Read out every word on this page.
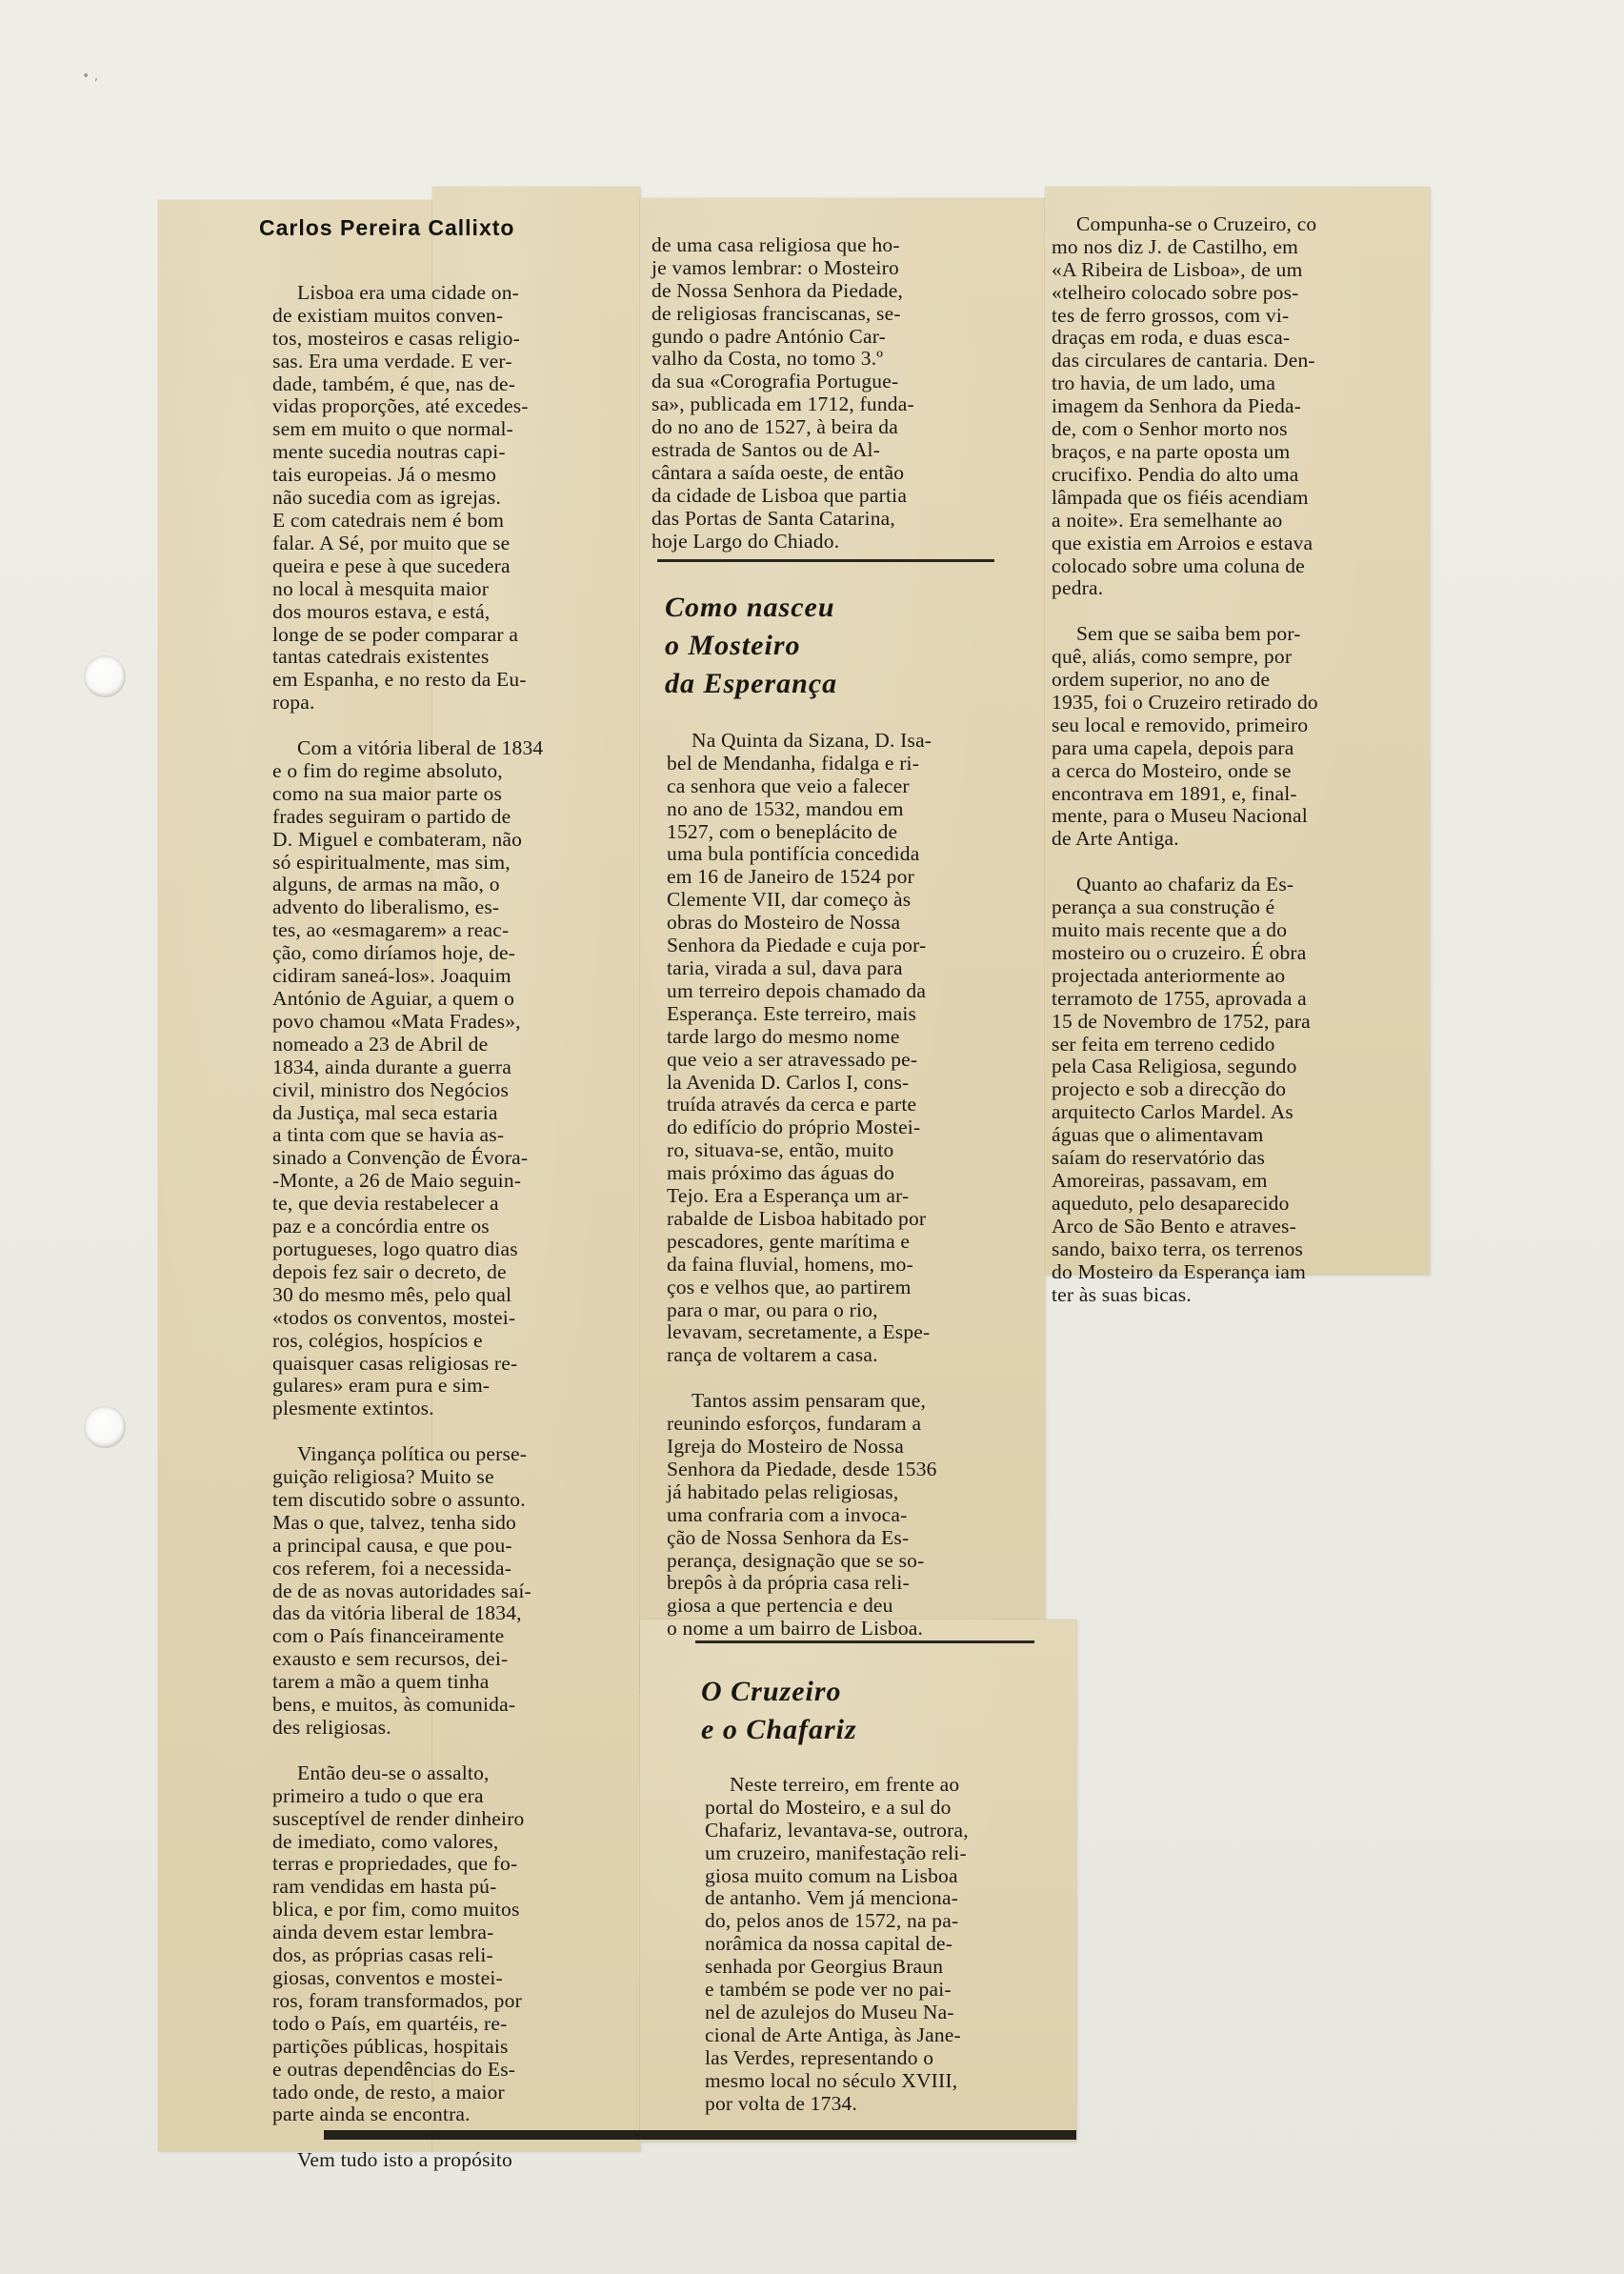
• ,
Carlos Pereira Callixto

Lisboa era uma cidade on-
de existiam muitos conven-
tos, mosteiros e casas religio-
sas. Era uma verdade. E ver-
dade, também, é que, nas de-
vidas proporções, até excedes-
sem em muito o que normal-
mente sucedia noutras capi-
tais europeias. Já o mesmo
não sucedia com as igrejas.
E com catedrais nem é bom
falar. A Sé, por muito que se
queira e pese à que sucedera
no local à mesquita maior
dos mouros estava, e está,
longe de se poder comparar a
tantas catedrais existentes
em Espanha, e no resto da Eu-
ropa.

Com a vitória liberal de 1834
e o fim do regime absoluto,
como na sua maior parte os
frades seguiram o partido de
D. Miguel e combateram, não
só espiritualmente, mas sim,
alguns, de armas na mão, o
advento do liberalismo, es-
tes, ao «esmagarem» a reac-
ção, como diríamos hoje, de-
cidiram saneá-los». Joaquim
António de Aguiar, a quem o
povo chamou «Mata Frades»,
nomeado a 23 de Abril de
1834, ainda durante a guerra
civil, ministro dos Negócios
da Justiça, mal seca estaria
a tinta com que se havia as-
sinado a Convenção de Évora-
-Monte, a 26 de Maio seguin-
te, que devia restabelecer a
paz e a concórdia entre os
portugueses, logo quatro dias
depois fez sair o decreto, de
30 do mesmo mês, pelo qual
«todos os conventos, mostei-
ros, colégios, hospícios e
quaisquer casas religiosas re-
gulares» eram pura e sim-
plesmente extintos.

Vingança política ou perse-
guição religiosa? Muito se
tem discutido sobre o assunto.
Mas o que, talvez, tenha sido
a principal causa, e que pou-
cos referem, foi a necessida-
de de as novas autoridades saí-
das da vitória liberal de 1834,
com o País financeiramente
exausto e sem recursos, dei-
tarem a mão a quem tinha
bens, e muitos, às comunida-
des religiosas.

Então deu-se o assalto,
primeiro a tudo o que era
susceptível de render dinheiro
de imediato, como valores,
terras e propriedades, que fo-
ram vendidas em hasta pú-
blica, e por fim, como muitos
ainda devem estar lembra-
dos, as próprias casas reli-
giosas, conventos e mostei-
ros, foram transformados, por
todo o País, em quartéis, re-
partições públicas, hospitais
e outras dependências do Es-
tado onde, de resto, a maior
parte ainda se encontra.

Vem tudo isto a propósito

de uma casa religiosa que ho-
je vamos lembrar: o Mosteiro
de Nossa Senhora da Piedade,
de religiosas franciscanas, se-
gundo o padre António Car-
valho da Costa, no tomo 3.º
da sua «Corografia Portugue-
sa», publicada em 1712, funda-
do no ano de 1527, à beira da
estrada de Santos ou de Al-
cântara a saída oeste, de então
da cidade de Lisboa que partia
das Portas de Santa Catarina,
hoje Largo do Chiado.

Como nasceu
o Mosteiro
da Esperança

Na Quinta da Sizana, D. Isa-
bel de Mendanha, fidalga e ri-
ca senhora que veio a falecer
no ano de 1532, mandou em
1527, com o beneplácito de
uma bula pontifícia concedida
em 16 de Janeiro de 1524 por
Clemente VII, dar começo às
obras do Mosteiro de Nossa
Senhora da Piedade e cuja por-
taria, virada a sul, dava para
um terreiro depois chamado da
Esperança. Este terreiro, mais
tarde largo do mesmo nome
que veio a ser atravessado pe-
la Avenida D. Carlos I, cons-
truída através da cerca e parte
do edifício do próprio Mostei-
ro, situava-se, então, muito
mais próximo das águas do
Tejo. Era a Esperança um ar-
rabalde de Lisboa habitado por
pescadores, gente marítima e
da faina fluvial, homens, mo-
ços e velhos que, ao partirem
para o mar, ou para o rio,
levavam, secretamente, a Espe-
rança de voltarem a casa.

Tantos assim pensaram que,
reunindo esforços, fundaram a
Igreja do Mosteiro de Nossa
Senhora da Piedade, desde 1536
já habitado pelas religiosas,
uma confraria com a invoca-
ção de Nossa Senhora da Es-
perança, designação que se so-
brepôs à da própria casa reli-
giosa a que pertencia e deu
o nome a um bairro de Lisboa.

O Cruzeiro
e o Chafariz

Neste terreiro, em frente ao
portal do Mosteiro, e a sul do
Chafariz, levantava-se, outrora,
um cruzeiro, manifestação reli-
giosa muito comum na Lisboa
de antanho. Vem já menciona-
do, pelos anos de 1572, na pa-
norâmica da nossa capital de-
senhada por Georgius Braun
e também se pode ver no pai-
nel de azulejos do Museu Na-
cional de Arte Antiga, às Jane-
las Verdes, representando o
mesmo local no século XVIII,
por volta de 1734.

Compunha-se o Cruzeiro, co
mo nos diz J. de Castilho, em
«A Ribeira de Lisboa», de um
«telheiro colocado sobre pos-
tes de ferro grossos, com vi-
draças em roda, e duas esca-
das circulares de cantaria. Den-
tro havia, de um lado, uma
imagem da Senhora da Pieda-
de, com o Senhor morto nos
braços, e na parte oposta um
crucifixo. Pendia do alto uma
lâmpada que os fiéis acendiam
a noite». Era semelhante ao
que existia em Arroios e estava
colocado sobre uma coluna de
pedra.

Sem que se saiba bem por-
quê, aliás, como sempre, por
ordem superior, no ano de
1935, foi o Cruzeiro retirado do
seu local e removido, primeiro
para uma capela, depois para
a cerca do Mosteiro, onde se
encontrava em 1891, e, final-
mente, para o Museu Nacional
de Arte Antiga.

Quanto ao chafariz da Es-
perança a sua construção é
muito mais recente que a do
mosteiro ou o cruzeiro. É obra
projectada anteriormente ao
terramoto de 1755, aprovada a
15 de Novembro de 1752, para
ser feita em terreno cedido
pela Casa Religiosa, segundo
projecto e sob a direcção do
arquitecto Carlos Mardel. As
águas que o alimentavam
saíam do reservatório das
Amoreiras, passavam, em
aqueduto, pelo desaparecido
Arco de São Bento e atraves-
sando, baixo terra, os terrenos
do Mosteiro da Esperança iam
ter às suas bicas.
